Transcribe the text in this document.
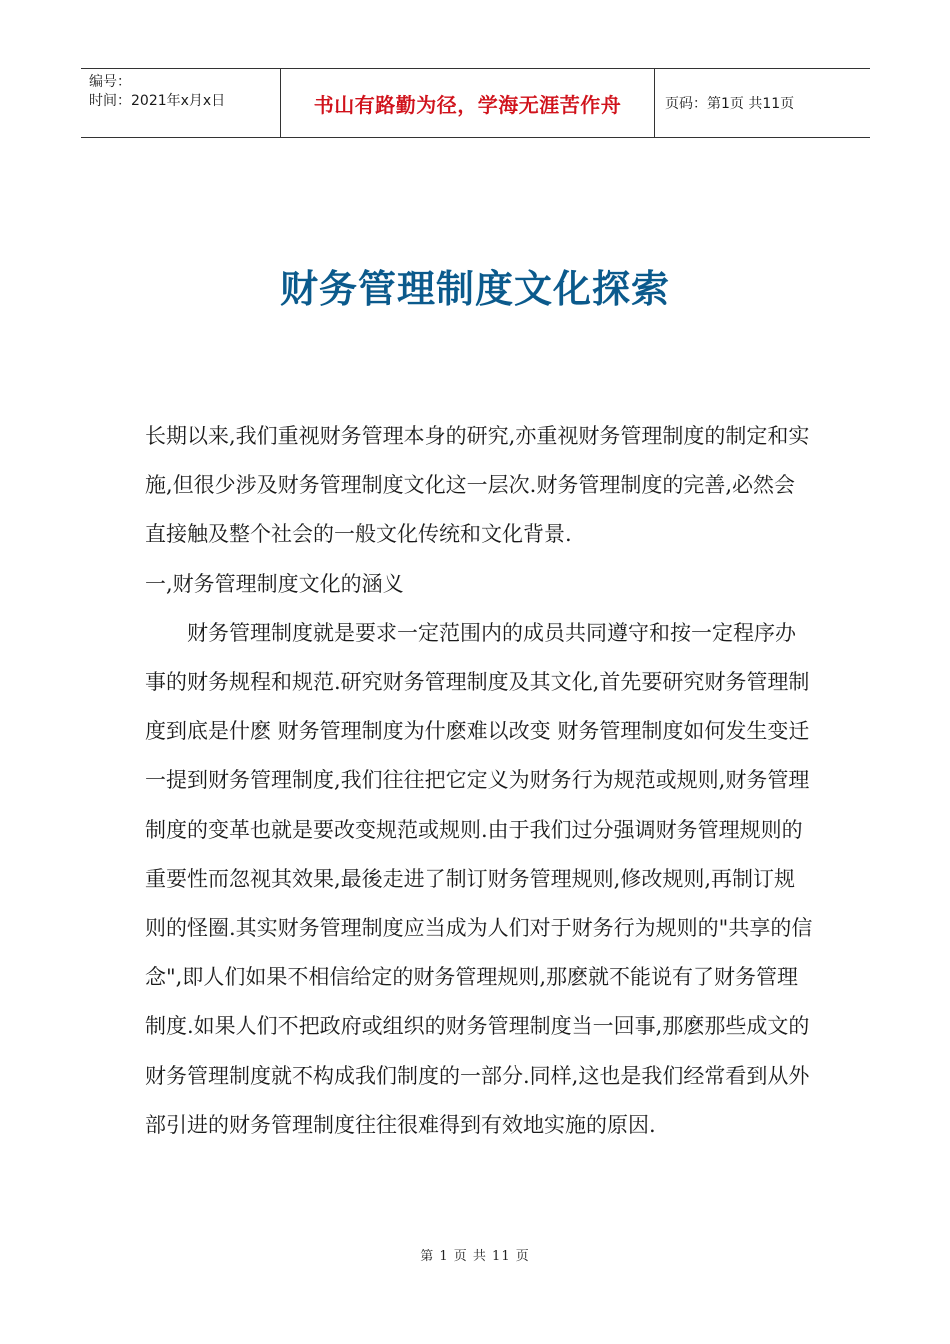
编号：
时间：2021年x月x日	书山有路勤为径，学海无涯苦作舟	页码：第1页 共11页
财务管理制度文化探索

长期以来,我们重视财务管理本身的研究,亦重视财务管理制度的制定和实施,但很少涉及财务管理制度文化这一层次.财务管理制度的完善,必然会直接触及整个社会的一般文化传统和文化背景.

一,财务管理制度文化的涵义

财务管理制度就是要求一定范围内的成员共同遵守和按一定程序办事的财务规程和规范.研究财务管理制度及其文化,首先要研究财务管理制度到底是什麽 财务管理制度为什麽难以改变 财务管理制度如何发生变迁 一提到财务管理制度,我们往往把它定义为财务行为规范或规则,财务管理制度的变革也就是要改变规范或规则.由于我们过分强调财务管理规则的重要性而忽视其效果,最後走进了制订财务管理规则,修改规则,再制订规则的怪圈.其实财务管理制度应当成为人们对于财务行为规则的"共享的信念",即人们如果不相信给定的财务管理规则,那麽就不能说有了财务管理制度.如果人们不把政府或组织的财务管理制度当一回事,那麽那些成文的财务管理制度就不构成我们制度的一部分.同样,这也是我们经常看到从外部引进的财务管理制度往往很难得到有效地实施的原因.

第 1 页 共 11 页
